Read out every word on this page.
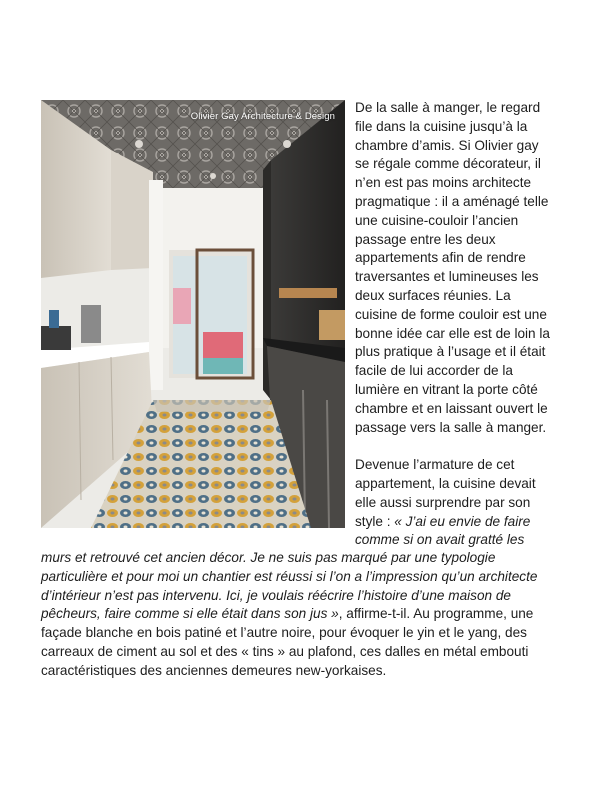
Olivier Gay Architecture & Design

De la salle à manger, le regard file dans la cuisine jusqu’à la chambre d’amis. Si Olivier gay se régale comme décorateur, il n’en est pas moins architecte pragmatique : il a aménagé telle une cuisine-couloir l’ancien passage entre les deux appartements afin de rendre traversantes et lumineuses les deux surfaces réunies. La cuisine de forme couloir est une bonne idée car elle est de loin la plus pratique à l’usage et il était facile de lui accorder de la lumière en vitrant la porte côté chambre et en laissant ouvert le passage vers la salle à manger.

Devenue l’armature de cet appartement, la cuisine devait elle aussi surprendre par son style : « J’ai eu envie de faire comme si on avait gratté les

murs et retrouvé cet ancien décor. Je ne suis pas marqué par une typologie particulière et pour moi un chantier est réussi si l’on a l’impression qu’un architecte d’intérieur n’est pas intervenu. Ici, je voulais réécrire l’histoire d’une maison de pêcheurs, faire comme si elle était dans son jus », affirme-t-il. Au programme, une façade blanche en bois patiné et l’autre noire, pour évoquer le yin et le yang, des carreaux de ciment au sol et des « tins » au plafond, ces dalles en métal embouti caractéristiques des anciennes demeures new-yorkaises.
